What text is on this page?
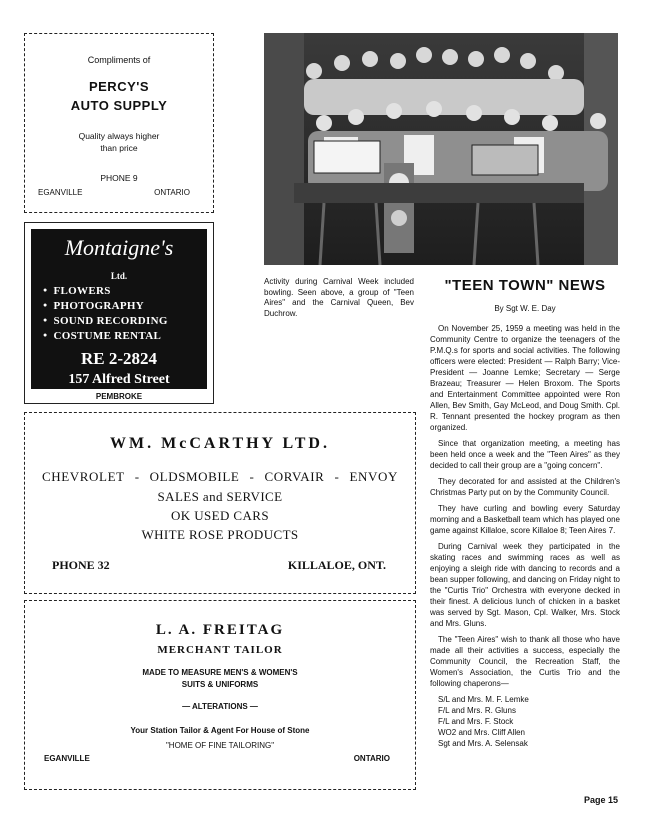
Compliments of
PERCY'S
AUTO SUPPLY
Quality always higher
than price
PHONE 9
EGANVILLE	ONTARIO
Montaigne's
Ltd.
● FLOWERS
● PHOTOGRAPHY
● SOUND RECORDING
● COSTUME RENTAL
RE 2-2824
157 Alfred Street
PEMBROKE
WM. McCARTHY LTD.
CHEVROLET - OLDSMOBILE - CORVAIR - ENVOY
SALES and SERVICE
OK USED CARS
WHITE ROSE PRODUCTS
PHONE 32	KILLALOE, ONT.
L. A. FREITAG
MERCHANT TAILOR
MADE TO MEASURE MEN'S & WOMEN'S
SUITS & UNIFORMS
— ALTERATIONS —
Your Station Tailor & Agent For House of Stone
"HOME OF FINE TAILORING"
EGANVILLE	ONTARIO
Activity during Carnival Week included bowling. Seen above, a group of "Teen Aires" and the Carnival Queen, Bev Duchrow.
"TEEN TOWN" NEWS
By Sgt W. E. Day

On November 25, 1959 a meeting was held in the Community Centre to organize the teenagers of the P.M.Q.s for sports and social activities. The following officers were elected: President — Ralph Barry; Vice-President — Joanne Lemke; Secretary — Serge Brazeau; Treasurer — Helen Broxom. The Sports and Entertainment Committee appointed were Ron Allen, Bev Smith, Gay McLeod, and Doug Smith. Cpl. R. Tennant presented the hockey program as then organized.

Since that organization meeting, a meeting has been held once a week and the "Teen Aires" as they decided to call their group are a "going concern".

They decorated for and assisted at the Children's Christmas Party put on by the Community Council.

They have curling and bowling every Saturday morning and a Basketball team which has played one game against Killaloe, score Killaloe 8; Teen Aires 7.

During Carnival week they participated in the skating races and swimming races as well as enjoying a sleigh ride with dancing to records and a bean supper following, and dancing on Friday night to the "Curtis Trio" Orchestra with everyone decked in their finest. A delicious lunch of chicken in a basket was served by Sgt. Mason, Cpl. Walker, Mrs. Stock and Mrs. Gluns.

The "Teen Aires" wish to thank all those who have made all their activities a success, especially the Community Council, the Recreation Staff, the Women's Association, the Curtis Trio and the following chaperons—

S/L and Mrs. M. F. Lemke
F/L and Mrs. R. Gluns
F/L and Mrs. F. Stock
WO2 and Mrs. Cliff Allen
Sgt and Mrs. A. Selensak
Page 15
